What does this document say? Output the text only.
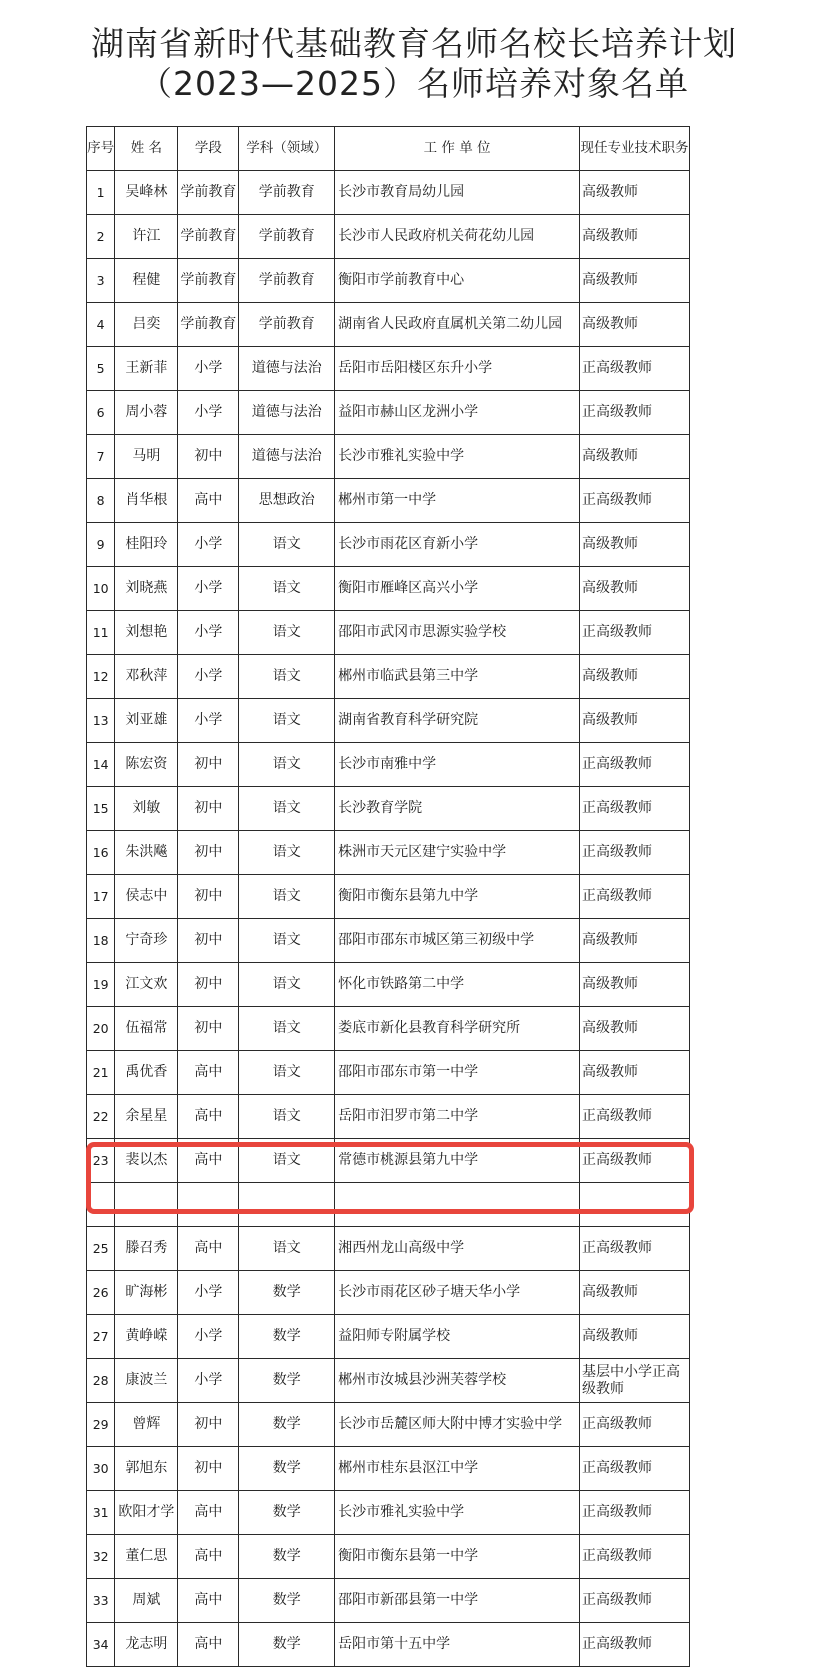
湖南省新时代基础教育名师名校长培养计划
（2023—2025）名师培养对象名单
序号	姓 名	学段	学科（领域）	工 作 单 位	现任专业技术职务
1	吴峰林	学前教育	学前教育	长沙市教育局幼儿园	高级教师
2	许江	学前教育	学前教育	长沙市人民政府机关荷花幼儿园	高级教师
3	程健	学前教育	学前教育	衡阳市学前教育中心	高级教师
4	吕奕	学前教育	学前教育	湖南省人民政府直属机关第二幼儿园	高级教师
5	王新菲	小学	道德与法治	岳阳市岳阳楼区东升小学	正高级教师
6	周小蓉	小学	道德与法治	益阳市赫山区龙洲小学	正高级教师
7	马明	初中	道德与法治	长沙市雅礼实验中学	高级教师
8	肖华根	高中	思想政治	郴州市第一中学	正高级教师
9	桂阳玲	小学	语文	长沙市雨花区育新小学	高级教师
10	刘晓燕	小学	语文	衡阳市雁峰区高兴小学	高级教师
11	刘想艳	小学	语文	邵阳市武冈市思源实验学校	正高级教师
12	邓秋萍	小学	语文	郴州市临武县第三中学	高级教师
13	刘亚雄	小学	语文	湖南省教育科学研究院	高级教师
14	陈宏资	初中	语文	长沙市南雅中学	正高级教师
15	刘敏	初中	语文	长沙教育学院	正高级教师
16	朱洪飚	初中	语文	株洲市天元区建宁实验中学	正高级教师
17	侯志中	初中	语文	衡阳市衡东县第九中学	正高级教师
18	宁奇珍	初中	语文	邵阳市邵东市城区第三初级中学	高级教师
19	江文欢	初中	语文	怀化市铁路第二中学	高级教师
20	伍福常	初中	语文	娄底市新化县教育科学研究所	高级教师
21	禹优香	高中	语文	邵阳市邵东市第一中学	高级教师
22	余星星	高中	语文	岳阳市汨罗市第二中学	正高级教师
23	裴以杰	高中	语文	常德市桃源县第九中学	正高级教师

25	滕召秀	高中	语文	湘西州龙山高级中学	正高级教师
26	旷海彬	小学	数学	长沙市雨花区砂子塘天华小学	高级教师
27	黄峥嵘	小学	数学	益阳师专附属学校	高级教师
28	康波兰	小学	数学	郴州市汝城县沙洲芙蓉学校	基层中小学正高级教师
29	曾辉	初中	数学	长沙市岳麓区师大附中博才实验中学	正高级教师
30	郭旭东	初中	数学	郴州市桂东县沤江中学	正高级教师
31	欧阳才学	高中	数学	长沙市雅礼实验中学	正高级教师
32	董仁思	高中	数学	衡阳市衡东县第一中学	正高级教师
33	周斌	高中	数学	邵阳市新邵县第一中学	正高级教师
34	龙志明	高中	数学	岳阳市第十五中学	正高级教师
